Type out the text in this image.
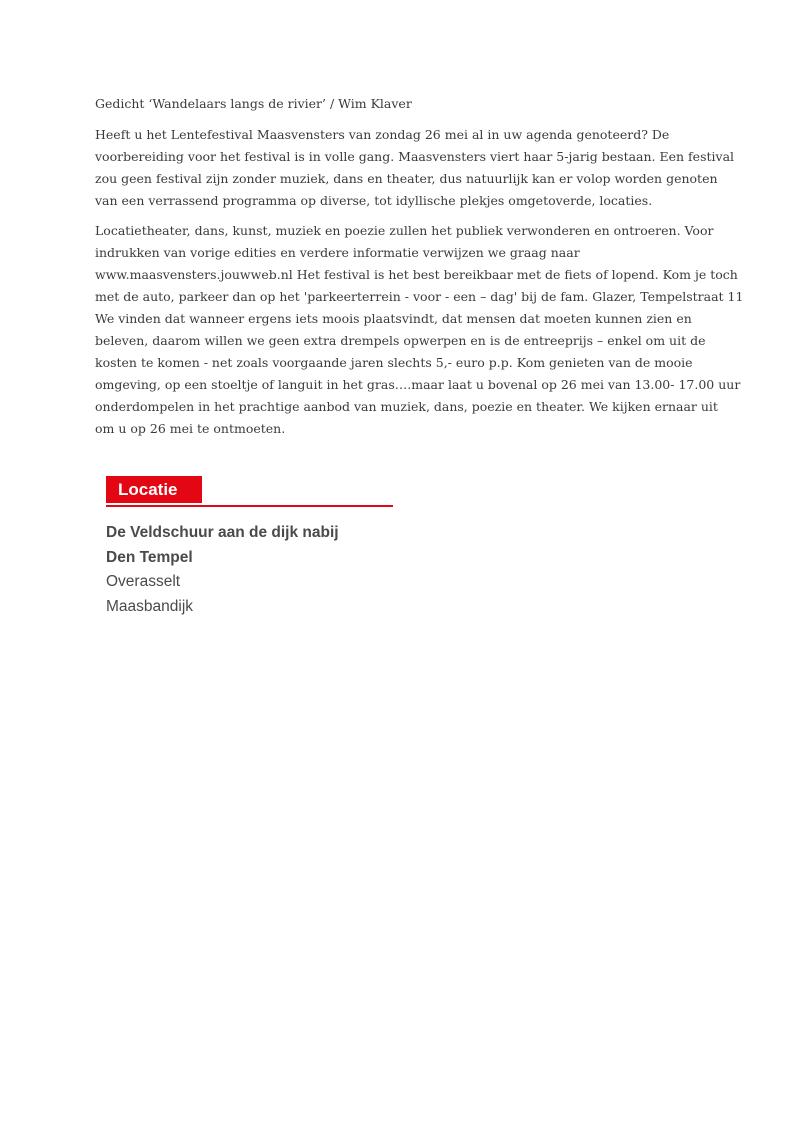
Gedicht ‘Wandelaars langs de rivier’ / Wim Klaver

Heeft u het Lentefestival Maasvensters van zondag 26 mei al in uw agenda genoteerd? De
voorbereiding voor het festival is in volle gang. Maasvensters viert haar 5-jarig bestaan. Een festival
zou geen festival zijn zonder muziek, dans en theater, dus natuurlijk kan er volop worden genoten
van een verrassend programma op diverse, tot idyllische plekjes omgetoverde, locaties.

Locatietheater, dans, kunst, muziek en poezie zullen het publiek verwonderen en ontroeren. Voor
indrukken van vorige edities en verdere informatie verwijzen we graag naar
www.maasvensters.jouwweb.nl Het festival is het best bereikbaar met de fiets of lopend. Kom je toch
met de auto, parkeer dan op het 'parkeerterrein - voor - een – dag' bij de fam. Glazer, Tempelstraat 11
We vinden dat wanneer ergens iets moois plaatsvindt, dat mensen dat moeten kunnen zien en
beleven, daarom willen we geen extra drempels opwerpen en is de entreeprijs – enkel om uit de
kosten te komen - net zoals voorgaande jaren slechts 5,- euro p.p. Kom genieten van de mooie
omgeving, op een stoeltje of languit in het gras….maar laat u bovenal op 26 mei van 13.00- 17.00 uur
onderdompelen in het prachtige aanbod van muziek, dans, poezie en theater. We kijken ernaar uit
om u op 26 mei te ontmoeten.

Locatie
De Veldschuur aan de dijk nabij
Den Tempel
Overasselt
Maasbandijk
